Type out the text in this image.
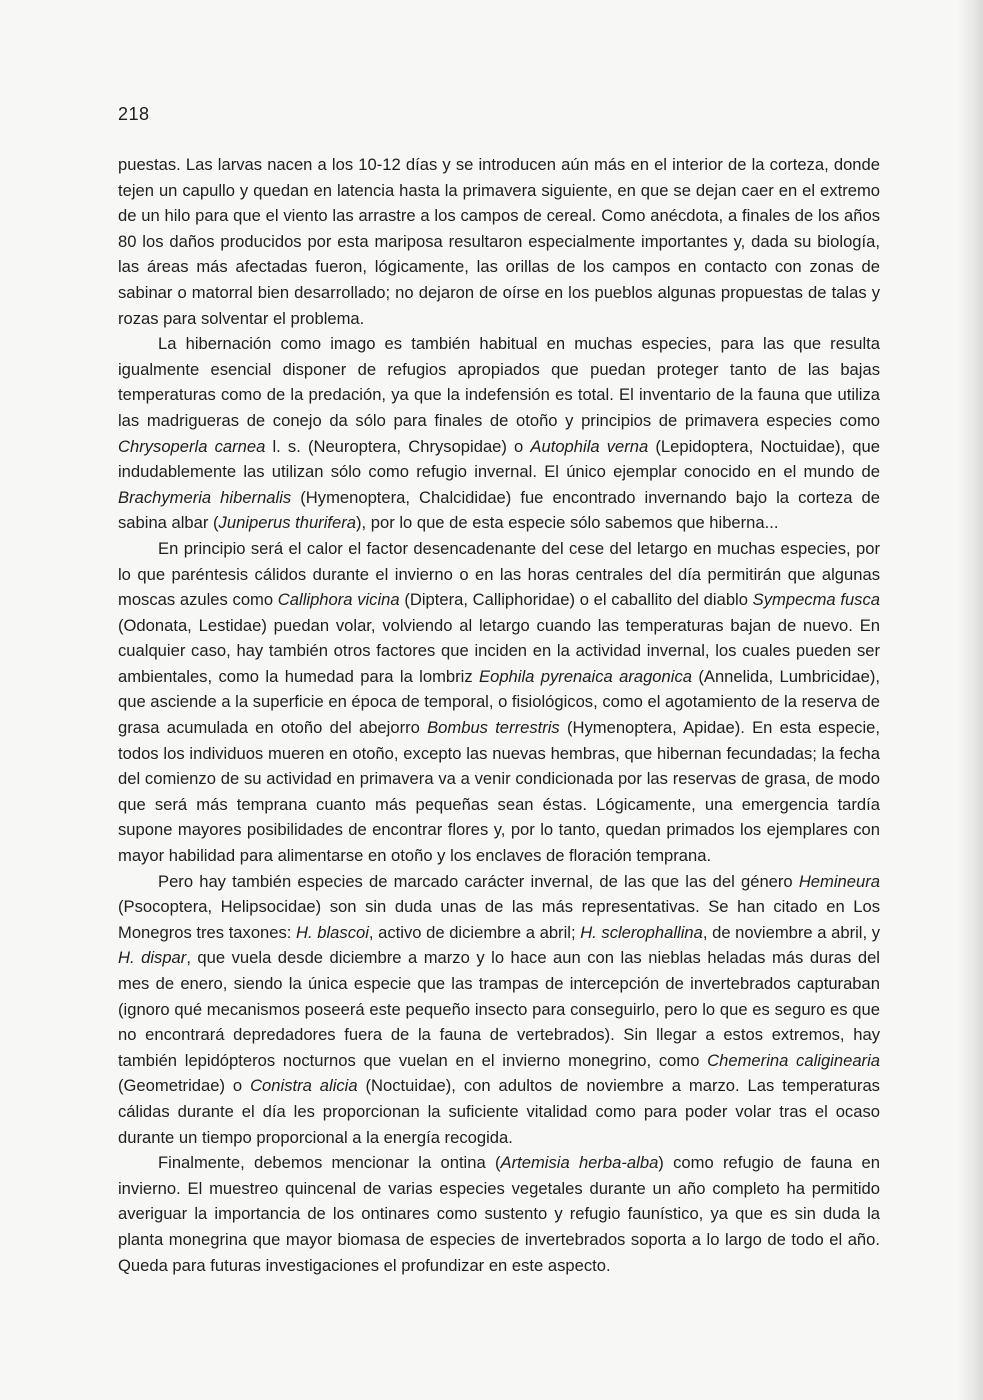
218

puestas. Las larvas nacen a los 10-12 días y se introducen aún más en el interior de la corteza, donde tejen un capullo y quedan en latencia hasta la primavera siguiente, en que se dejan caer en el extremo de un hilo para que el viento las arrastre a los campos de cereal. Como anécdota, a finales de los años 80 los daños producidos por esta mariposa resultaron especialmente importantes y, dada su biología, las áreas más afectadas fueron, lógicamente, las orillas de los campos en contacto con zonas de sabinar o matorral bien desarrollado; no dejaron de oírse en los pueblos algunas propuestas de talas y rozas para solventar el problema.

La hibernación como imago es también habitual en muchas especies, para las que resulta igualmente esencial disponer de refugios apropiados que puedan proteger tanto de las bajas temperaturas como de la predación, ya que la indefensión es total. El inventario de la fauna que utiliza las madrigueras de conejo da sólo para finales de otoño y principios de primavera especies como Chrysoperla carnea l. s. (Neuroptera, Chrysopidae) o Autophila verna (Lepidoptera, Noctuidae), que indudablemente las utilizan sólo como refugio invernal. El único ejemplar conocido en el mundo de Brachymeria hibernalis (Hymenoptera, Chalcididae) fue encontrado invernando bajo la corteza de sabina albar (Juniperus thurifera), por lo que de esta especie sólo sabemos que hiberna...

En principio será el calor el factor desencadenante del cese del letargo en muchas especies, por lo que paréntesis cálidos durante el invierno o en las horas centrales del día permitirán que algunas moscas azules como Calliphora vicina (Diptera, Calliphoridae) o el caballito del diablo Sympecma fusca (Odonata, Lestidae) puedan volar, volviendo al letargo cuando las temperaturas bajan de nuevo. En cualquier caso, hay también otros factores que inciden en la actividad invernal, los cuales pueden ser ambientales, como la humedad para la lombriz Eophila pyrenaica aragonica (Annelida, Lumbricidae), que asciende a la superficie en época de temporal, o fisiológicos, como el agotamiento de la reserva de grasa acumulada en otoño del abejorro Bombus terrestris (Hymenoptera, Apidae). En esta especie, todos los individuos mueren en otoño, excepto las nuevas hembras, que hibernan fecundadas; la fecha del comienzo de su actividad en primavera va a venir condicionada por las reservas de grasa, de modo que será más temprana cuanto más pequeñas sean éstas. Lógicamente, una emergencia tardía supone mayores posibilidades de encontrar flores y, por lo tanto, quedan primados los ejemplares con mayor habilidad para alimentarse en otoño y los enclaves de floración temprana.

Pero hay también especies de marcado carácter invernal, de las que las del género Hemineura (Psocoptera, Helipsocidae) son sin duda unas de las más representativas. Se han citado en Los Monegros tres taxones: H. blascoi, activo de diciembre a abril; H. sclerophallina, de noviembre a abril, y H. dispar, que vuela desde diciembre a marzo y lo hace aun con las nieblas heladas más duras del mes de enero, siendo la única especie que las trampas de intercepción de invertebrados capturaban (ignoro qué mecanismos poseerá este pequeño insecto para conseguirlo, pero lo que es seguro es que no encontrará depredadores fuera de la fauna de vertebrados). Sin llegar a estos extremos, hay también lepidópteros nocturnos que vuelan en el invierno monegrino, como Chemerina caliginearia (Geometridae) o Conistra alicia (Noctuidae), con adultos de noviembre a marzo. Las temperaturas cálidas durante el día les proporcionan la suficiente vitalidad como para poder volar tras el ocaso durante un tiempo proporcional a la energía recogida.

Finalmente, debemos mencionar la ontina (Artemisia herba-alba) como refugio de fauna en invierno. El muestreo quincenal de varias especies vegetales durante un año completo ha permitido averiguar la importancia de los ontinares como sustento y refugio faunístico, ya que es sin duda la planta monegrina que mayor biomasa de especies de invertebrados soporta a lo largo de todo el año. Queda para futuras investigaciones el profundizar en este aspecto.
